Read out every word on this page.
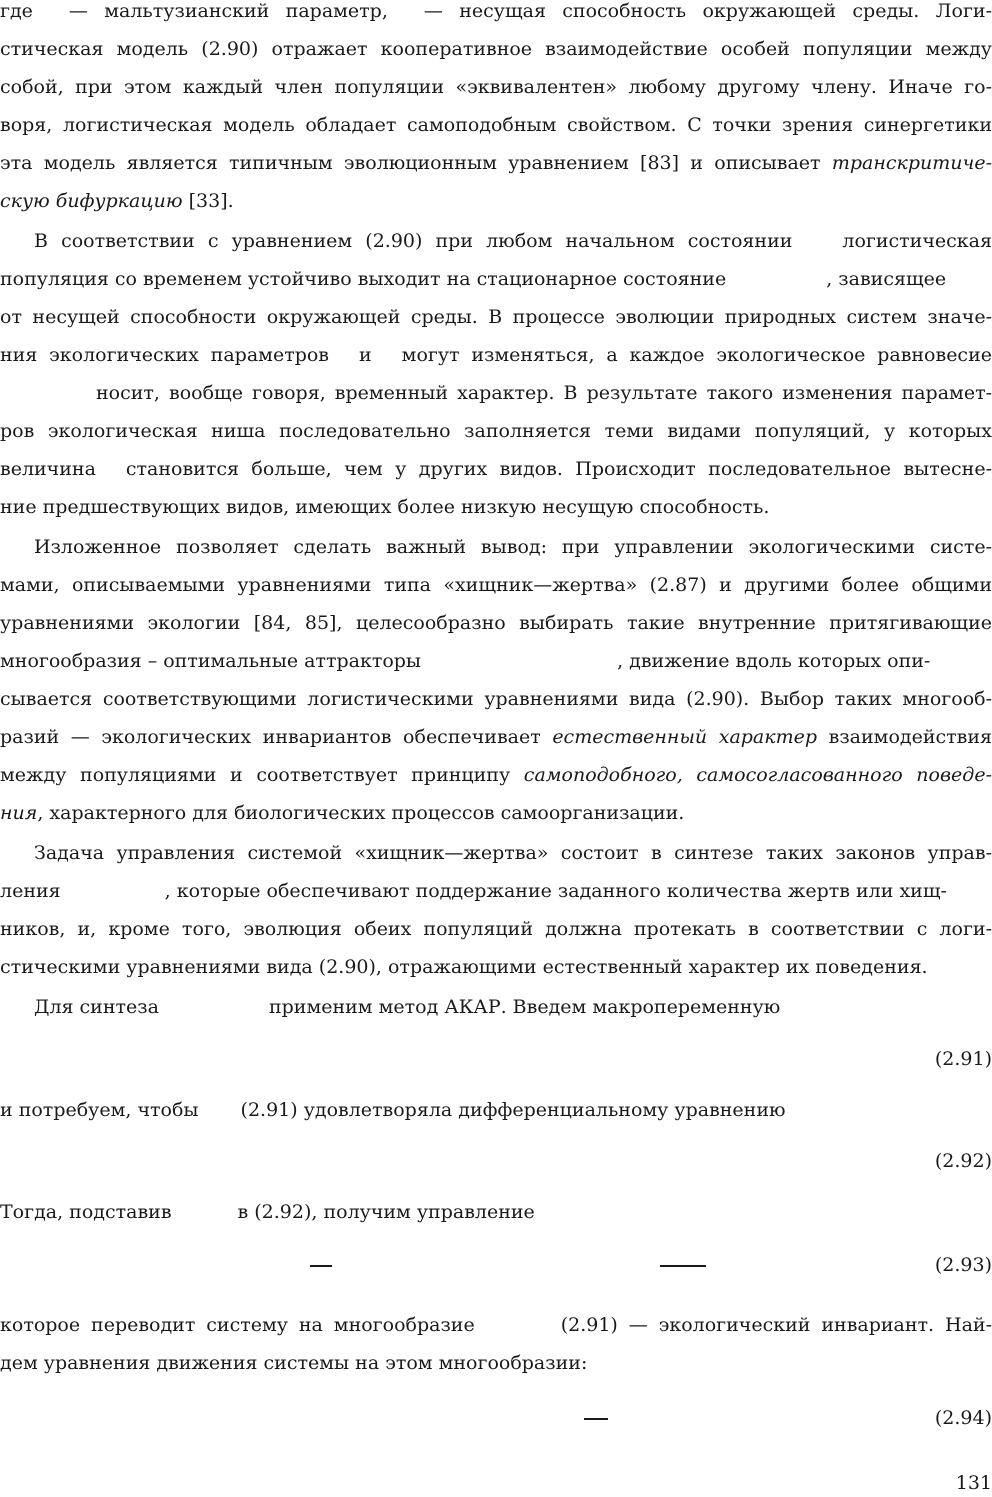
где — мальтузианский параметр, — несущая способность окружающей среды. Логи-
стическая модель (2.90) отражает кооперативное взаимодействие особей популяции между
собой, при этом каждый член популяции «эквивалентен» любому другому члену. Иначе го-
воря, логистическая модель обладает самоподобным свойством. С точки зрения синергетики
эта модель является типичным эволюционным уравнением [83] и описывает транскритиче-
скую бифуркацию [33].
В соответствии с уравнением (2.90) при любом начальном состоянии	логистическая
популяция со временем устойчиво выходит на стационарное состояние	, зависящее
от несущей способности окружающей среды. В процессе эволюции природных систем значе-
ния экологических параметров и могут изменяться, а каждое экологическое равновесие
носит, вообще говоря, временный характер. В результате такого изменения парамет-
ров экологическая ниша последовательно заполняется теми видами популяций, у которых
величина становится больше, чем у других видов. Происходит последовательное вытесне-
ние предшествующих видов, имеющих более низкую несущую способность.
Изложенное позволяет сделать важный вывод: при управлении экологическими систе-
мами, описываемыми уравнениями типа «хищник—жертва» (2.87) и другими более общими
уравнениями экологии [84, 85], целесообразно выбирать такие внутренние притягивающие
многообразия – оптимальные аттракторы	, движение вдоль которых опи-
сывается соответствующими логистическими уравнениями вида (2.90). Выбор таких многооб-
разий — экологических инвариантов обеспечивает естественный характер взаимодействия
между популяциями и соответствует принципу самоподобного, самосогласованного поведе-
ния, характерного для биологических процессов самоорганизации.
Задача управления системой «хищник—жертва» состоит в синтезе таких законов управ-
ления	, которые обеспечивают поддержание заданного количества жертв или хищ-
ников, и, кроме того, эволюция обеих популяций должна протекать в соответствии с логи-
стическими уравнениями вида (2.90), отражающими естественный характер их поведения.
Для синтеза	применим метод АКАР. Введем макропеременную
(2.91)
и потребуем, чтобы (2.91) удовлетворяла дифференциальному уравнению
(2.92)
Тогда, подставив	в (2.92), получим управление
(2.93)
которое переводит систему на многообразие	(2.91) — экологический инвариант. Най-
дем уравнения движения системы на этом многообразии:
(2.94)
131
